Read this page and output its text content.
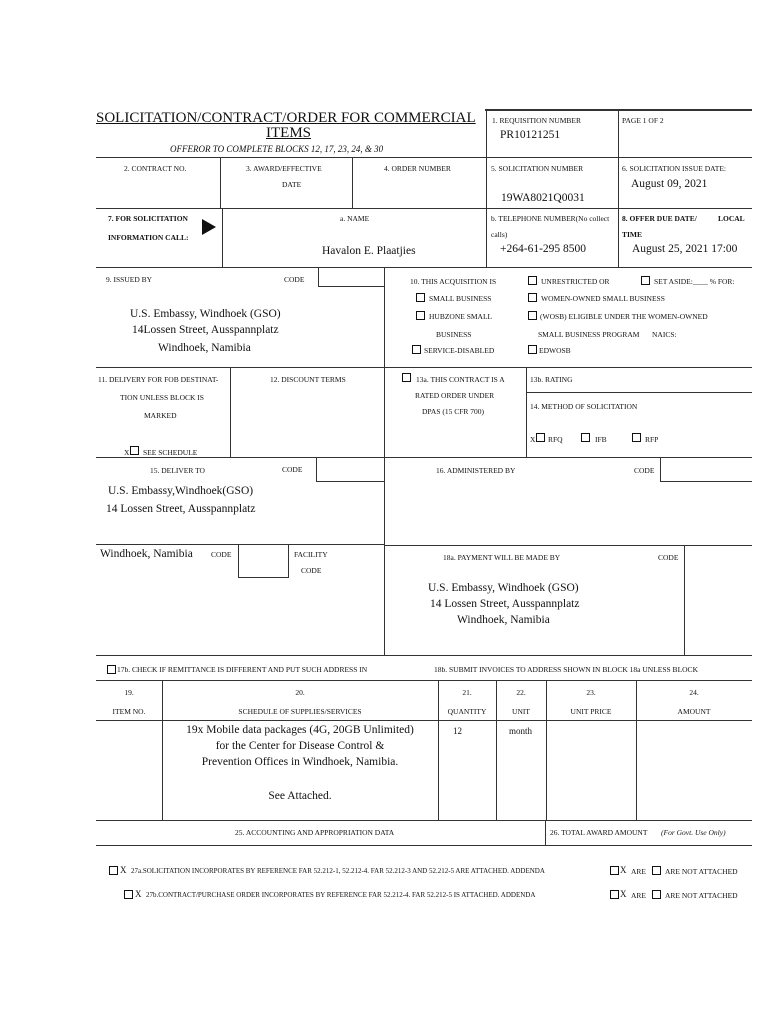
SOLICITATION/CONTRACT/ORDER FOR COMMERCIAL
ITEMS
OFFEROR TO COMPLETE BLOCKS 12, 17, 23, 24, & 30
1. REQUISITION NUMBER
PR10121251
PAGE 1 OF 2
2. CONTRACT NO.	3. AWARD/EFFECTIVE
DATE
4. ORDER NUMBER	5. SOLICITATION NUMBER
19WA8021Q0031
6. SOLICITATION ISSUE DATE:
August 09, 2021
7. FOR SOLICITATION
INFORMATION CALL:
a. NAME
Havalon E. Plaatjies
b. TELEPHONE NUMBER(No collect
calls)
+264-61-295 8500
8. OFFER DUE DATE/	LOCAL
TIME
August 25, 2021 17:00
9. ISSUED BY	CODE
U.S. Embassy, Windhoek (GSO)
14Lossen Street, Ausspannplatz
Windhoek, Namibia
10. THIS ACQUISITION IS	UNRESTRICTED OR	SET ASIDE:____ % FOR:
SMALL BUSINESS	WOMEN-OWNED SMALL BUSINESS
HUBZONE SMALL	(WOSB) ELIGIBLE UNDER THE WOMEN-OWNED
BUSINESS	SMALL BUSINESS PROGRAM NAICS:
SERVICE-DISABLED	EDWOSB
11. DELIVERY FOR FOB DESTINAT-
TION UNLESS BLOCK IS
MARKED
X SEE SCHEDULE
12. DISCOUNT TERMS	13a. THIS CONTRACT IS A
RATED ORDER UNDER
DPAS (15 CFR 700)
13b. RATING
14. METHOD OF SOLICITATION
X RFQ	IFB	RFP
15. DELIVER TO	CODE
U.S. Embassy,Windhoek(GSO)
14 Lossen Street, Ausspannplatz
16. ADMINISTERED BY	CODE
Windhoek, Namibia CODE	FACILITY
CODE
18a. PAYMENT WILL BE MADE BY	CODE
U.S. Embassy, Windhoek (GSO)
14 Lossen Street, Ausspannplatz
Windhoek, Namibia
17b. CHECK IF REMITTANCE IS DIFFERENT AND PUT SUCH ADDRESS IN	18b. SUBMIT INVOICES TO ADDRESS SHOWN IN BLOCK 18a UNLESS BLOCK
19.	20.	21.	22.	23.	24.
ITEM NO.	SCHEDULE OF SUPPLIES/SERVICES	QUANTITY	UNIT	UNIT PRICE	AMOUNT
19x Mobile data packages (4G, 20GB Unlimited)
for the Center for Disease Control &
Prevention Offices in Windhoek, Namibia.
See Attached.
12	month
25. ACCOUNTING AND APPROPRIATION DATA	26. TOTAL AWARD AMOUNT (For Govt. Use Only)
X 27a.SOLICITATION INCORPORATES BY REFERENCE FAR 52.212-1, 52.212-4. FAR 52.212-3 AND 52.212-5 ARE ATTACHED. ADDENDA	X ARE	ARE NOT ATTACHED
X 27b.CONTRACT/PURCHASE ORDER INCORPORATES BY REFERENCE FAR 52.212-4. FAR 52.212-5 IS ATTACHED. ADDENDA	X ARE	ARE NOT ATTACHED
